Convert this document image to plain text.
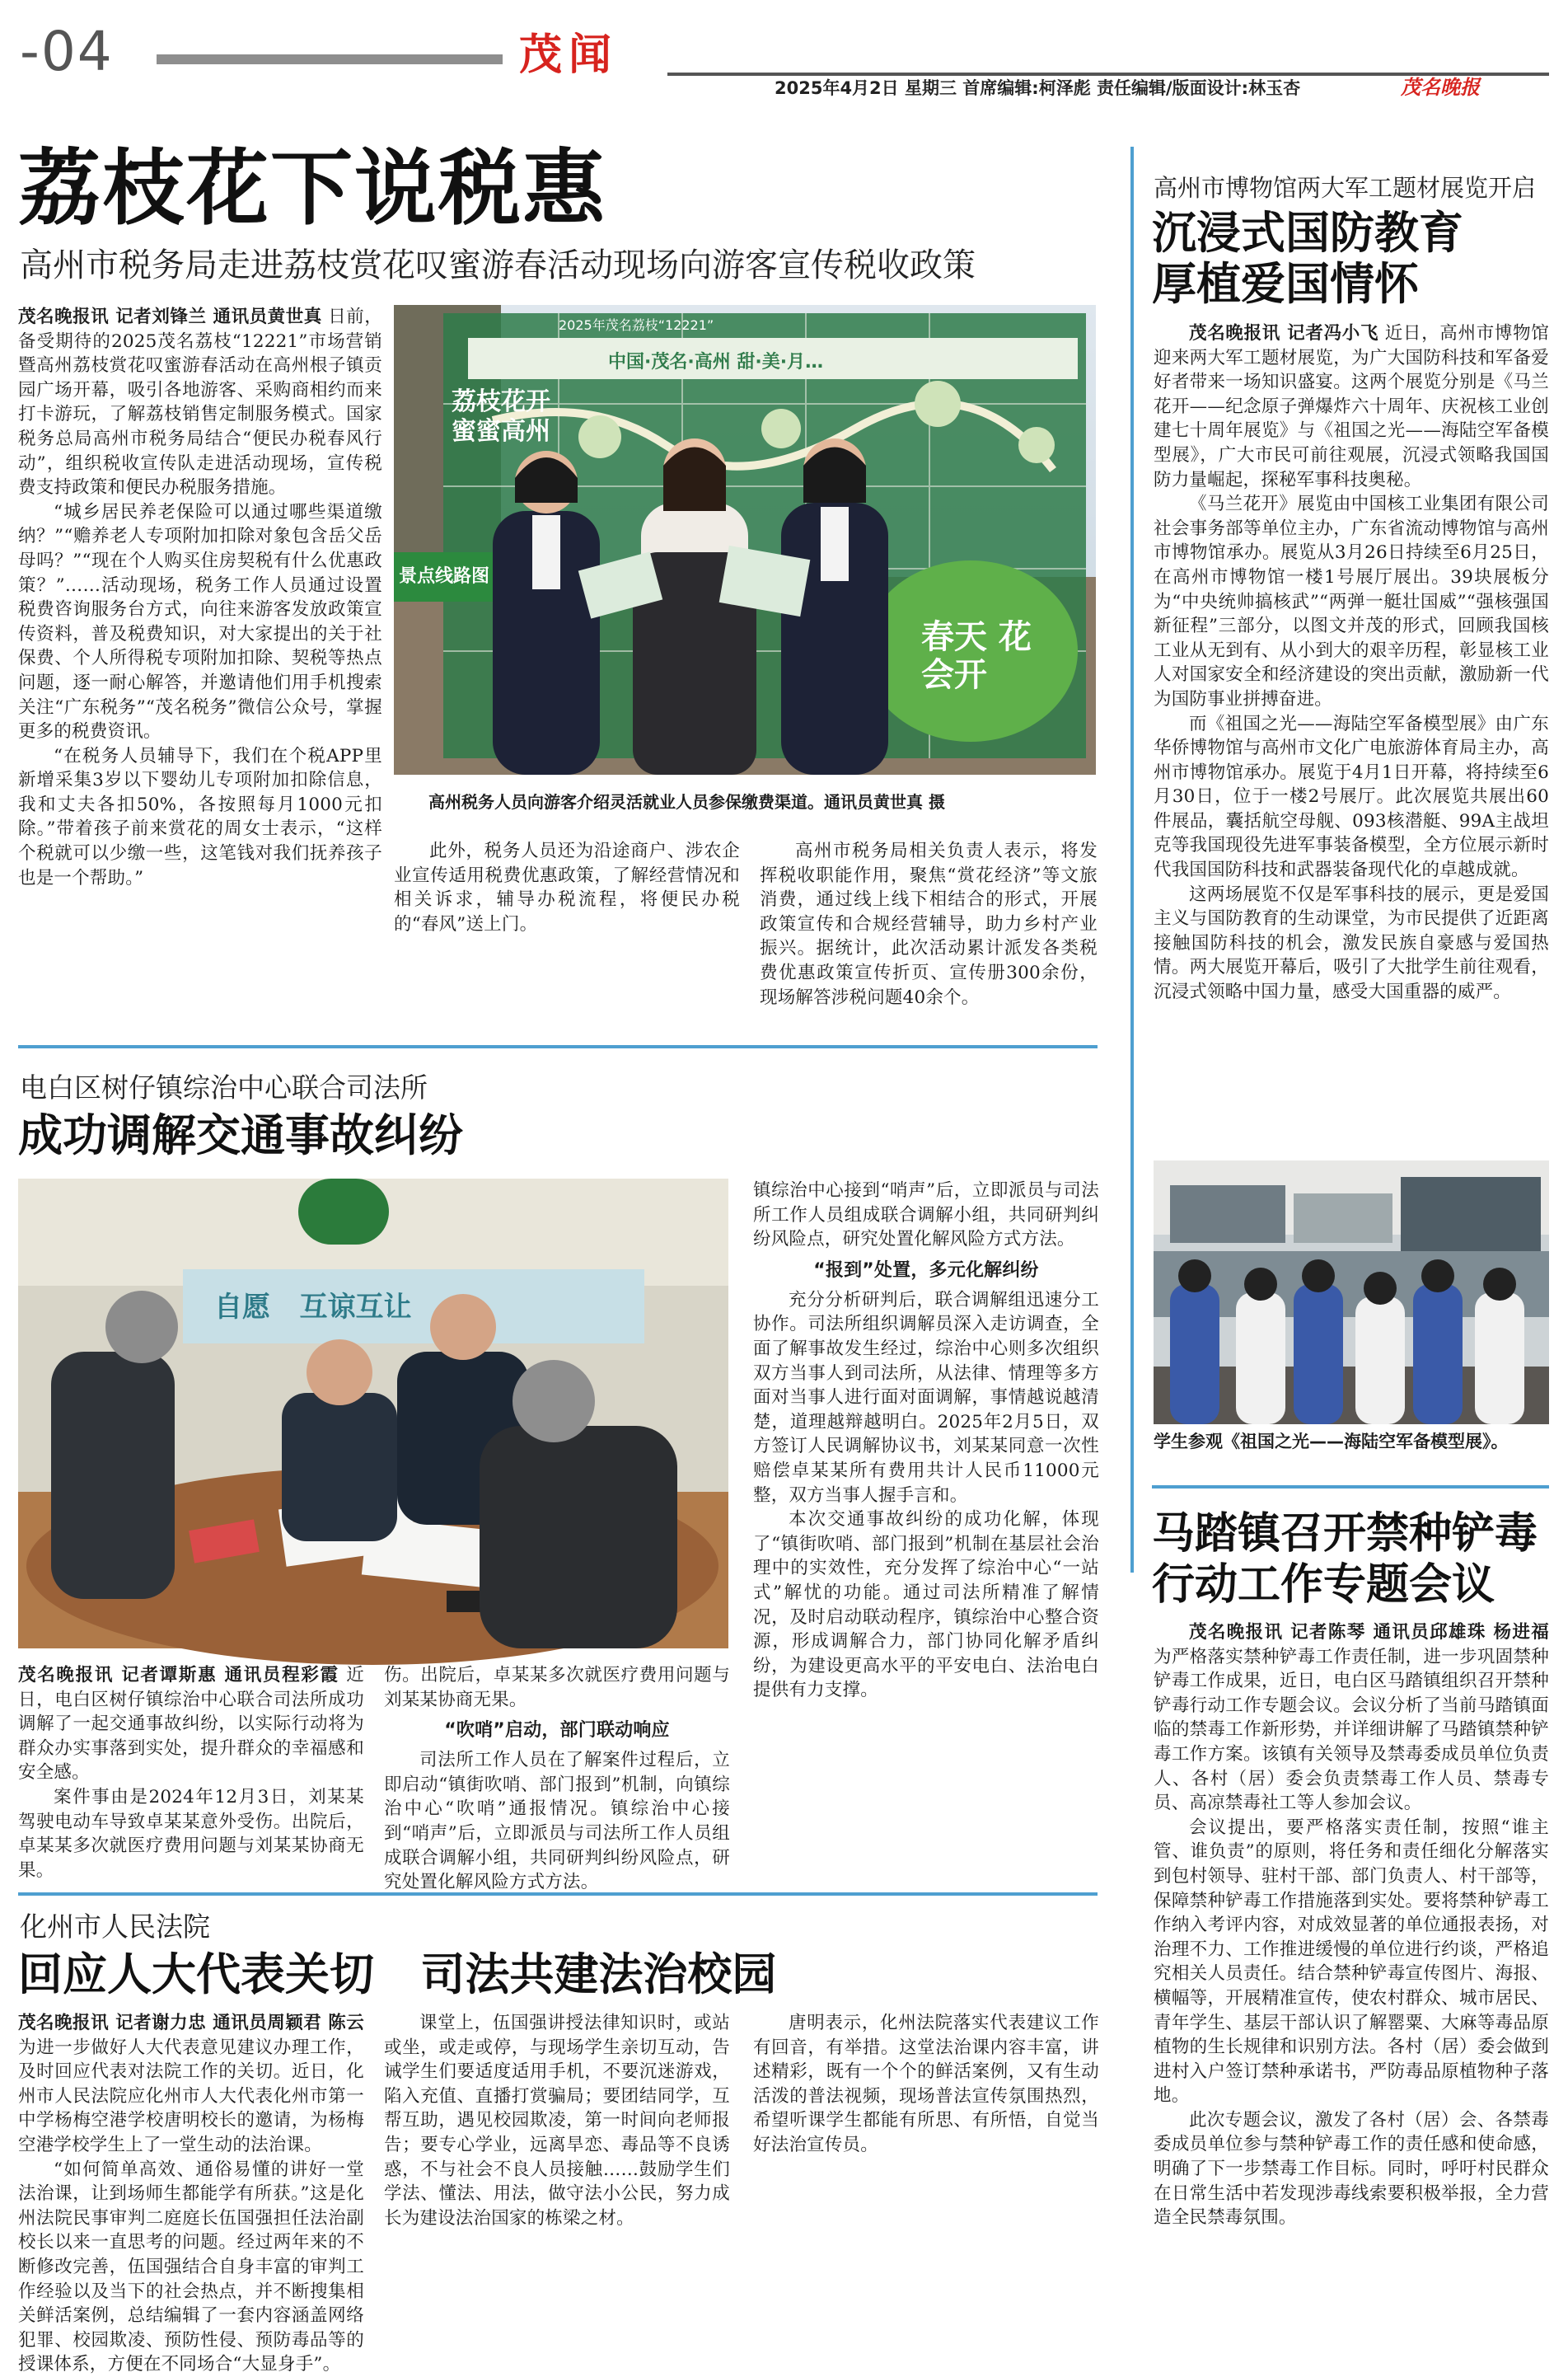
-04	茂闻
2025年4月2日 星期三 首席编辑:柯泽彪 责任编辑/版面设计:林玉杏	茂名晚报
荔枝花下说税惠
高州市税务局走进荔枝赏花叹蜜游春活动现场向游客宣传税收政策
景点线路图
2025年茂名荔枝“12221”
中国·茂名·高州 甜·美·月…
荔枝花开 蜜蜜高州
春天 花会开
高州税务人员向游客介绍灵活就业人员参保缴费渠道。通讯员黄世真 摄

茂名晚报讯 记者刘锋兰 通讯员黄世真 日前，备受期待的2025茂名荔枝“12221”市场营销暨高州荔枝赏花叹蜜游春活动在高州根子镇贡园广场开幕，吸引各地游客、采购商相约而来打卡游玩，了解荔枝销售定制服务模式。国家税务总局高州市税务局结合“便民办税春风行动”，组织税收宣传队走进活动现场，宣传税费支持政策和便民办税服务措施。

“城乡居民养老保险可以通过哪些渠道缴纳？”“赡养老人专项附加扣除对象包含岳父岳母吗？”“现在个人购买住房契税有什么优惠政策？”……活动现场，税务工作人员通过设置税费咨询服务台方式，向往来游客发放政策宣传资料，普及税费知识，对大家提出的关于社保费、个人所得税专项附加扣除、契税等热点问题，逐一耐心解答，并邀请他们用手机搜索关注“广东税务”“茂名税务”微信公众号，掌握更多的税费资讯。

“在税务人员辅导下，我们在个税APP里新增采集3岁以下婴幼儿专项附加扣除信息，我和丈夫各扣50%，各按照每月1000元扣除。”带着孩子前来赏花的周女士表示，“这样个税就可以少缴一些，这笔钱对我们抚养孩子也是一个帮助。”

此外，税务人员还为沿途商户、涉农企业宣传适用税费优惠政策，了解经营情况和相关诉求，辅导办税流程，将便民办税的“春风”送上门。

高州市税务局相关负责人表示，将发挥税收职能作用，聚焦“赏花经济”等文旅消费，通过线上线下相结合的形式，开展政策宣传和合规经营辅导，助力乡村产业振兴。据统计，此次活动累计派发各类税费优惠政策宣传折页、宣传册300余份，现场解答涉税问题40余个。

电白区树仔镇综治中心联合司法所
成功调解交通事故纠纷
自愿   互谅互让

茂名晚报讯 记者谭斯惠 通讯员程彩霞 近日，电白区树仔镇综治中心联合司法所成功调解了一起交通事故纠纷，以实际行动将为群众办实事落到实处，提升群众的幸福感和安全感。

案件事由是2024年12月3日，刘某某驾驶电动车导致卓某某意外受伤。出院后，卓某某多次就医疗费用问题与刘某某协商无果。

伤。出院后，卓某某多次就医疗费用问题与刘某某协商无果。

“吹哨”启动，部门联动响应

司法所工作人员在了解案件过程后，立即启动“镇街吹哨、部门报到”机制，向镇综治中心“吹哨”通报情况。镇综治中心接到“哨声”后，立即派员与司法所工作人员组成联合调解小组，共同研判纠纷风险点，研究处置化解风险方式方法。

镇综治中心接到“哨声”后，立即派员与司法所工作人员组成联合调解小组，共同研判纠纷风险点，研究处置化解风险方式方法。

“报到”处置，多元化解纠纷

充分分析研判后，联合调解组迅速分工协作。司法所组织调解员深入走访调查，全面了解事故发生经过，综治中心则多次组织双方当事人到司法所，从法律、情理等多方面对当事人进行面对面调解，事情越说越清楚，道理越辩越明白。2025年2月5日，双方签订人民调解协议书，刘某某同意一次性赔偿卓某某所有费用共计人民币11000元整，双方当事人握手言和。

本次交通事故纠纷的成功化解，体现了“镇街吹哨、部门报到”机制在基层社会治理中的实效性，充分发挥了综治中心“一站式”解忧的功能。通过司法所精准了解情况，及时启动联动程序，镇综治中心整合资源，形成调解合力，部门协同化解矛盾纠纷，为建设更高水平的平安电白、法治电白提供有力支撑。

化州市人民法院
回应人大代表关切   司法共建法治校园

茂名晚报讯 记者谢力忠 通讯员周颖君 陈云 为进一步做好人大代表意见建议办理工作，及时回应代表对法院工作的关切。近日，化州市人民法院应化州市人大代表化州市第一中学杨梅空港学校唐明校长的邀请，为杨梅空港学校学生上了一堂生动的法治课。

“如何简单高效、通俗易懂的讲好一堂法治课，让到场师生都能学有所获。”这是化州法院民事审判二庭庭长伍国强担任法治副校长以来一直思考的问题。经过两年来的不断修改完善，伍国强结合自身丰富的审判工作经验以及当下的社会热点，并不断搜集相关鲜活案例，总结编辑了一套内容涵盖网络犯罪、校园欺凌、预防性侵、预防毒品等的授课体系，方便在不同场合“大显身手”。

课堂上，伍国强讲授法律知识时，或站或坐，或走或停，与现场学生亲切互动，告诫学生们要适度适用手机，不要沉迷游戏，陷入充值、直播打赏骗局；要团结同学，互帮互助，遇见校园欺凌，第一时间向老师报告；要专心学业，远离旱恋、毒品等不良诱惑，不与社会不良人员接触……鼓励学生们学法、懂法、用法，做守法小公民，努力成长为建设法治国家的栋梁之材。

唐明表示，化州法院落实代表建议工作有回音，有举措。这堂法治课内容丰富，讲述精彩，既有一个个的鲜活案例，又有生动活泼的普法视频，现场普法宣传氛围热烈，希望听课学生都能有所思、有所悟，自觉当好法治宣传员。

高州市博物馆两大军工题材展览开启
沉浸式国防教育
厚植爱国情怀

茂名晚报讯 记者冯小飞 近日，高州市博物馆迎来两大军工题材展览，为广大国防科技和军备爱好者带来一场知识盛宴。这两个展览分别是《马兰花开——纪念原子弹爆炸六十周年、庆祝核工业创建七十周年展览》与《祖国之光——海陆空军备模型展》，广大市民可前往观展，沉浸式领略我国国防力量崛起，探秘军事科技奥秘。

《马兰花开》展览由中国核工业集团有限公司社会事务部等单位主办，广东省流动博物馆与高州市博物馆承办。展览从3月26日持续至6月25日，在高州市博物馆一楼1号展厅展出。39块展板分为“中央统帅搞核武”“两弹一艇壮国威”“强核强国新征程”三部分，以图文并茂的形式，回顾我国核工业从无到有、从小到大的艰辛历程，彰显核工业人对国家安全和经济建设的突出贡献，激励新一代为国防事业拼搏奋进。

而《祖国之光——海陆空军备模型展》由广东华侨博物馆与高州市文化广电旅游体育局主办，高州市博物馆承办。展览于4月1日开幕，将持续至6月30日，位于一楼2号展厅。此次展览共展出60件展品，囊括航空母舰、093核潜艇、99A主战坦克等我国现役先进军事装备模型，全方位展示新时代我国国防科技和武器装备现代化的卓越成就。

这两场展览不仅是军事科技的展示，更是爱国主义与国防教育的生动课堂，为市民提供了近距离接触国防科技的机会，激发民族自豪感与爱国热情。两大展览开幕后，吸引了大批学生前往观看，沉浸式领略中国力量，感受大国重器的威严。

学生参观《祖国之光——海陆空军备模型展》。
马踏镇召开禁种铲毒
行动工作专题会议

茂名晚报讯 记者陈琴 通讯员邱雄珠 杨进福 为严格落实禁种铲毒工作责任制，进一步巩固禁种铲毒工作成果，近日，电白区马踏镇组织召开禁种铲毒行动工作专题会议。会议分析了当前马踏镇面临的禁毒工作新形势，并详细讲解了马踏镇禁种铲毒工作方案。该镇有关领导及禁毒委成员单位负责人、各村（居）委会负责禁毒工作人员、禁毒专员、高凉禁毒社工等人参加会议。

会议提出，要严格落实责任制，按照“谁主管、谁负责”的原则，将任务和责任细化分解落实到包村领导、驻村干部、部门负责人、村干部等，保障禁种铲毒工作措施落到实处。要将禁种铲毒工作纳入考评内容，对成效显著的单位通报表扬，对治理不力、工作推进缓慢的单位进行约谈，严格追究相关人员责任。结合禁种铲毒宣传图片、海报、横幅等，开展精准宣传，使农村群众、城市居民、青年学生、基层干部认识了解罂粟、大麻等毒品原植物的生长规律和识别方法。各村（居）委会做到进村入户签订禁种承诺书，严防毒品原植物种子落地。

此次专题会议，激发了各村（居）会、各禁毒委成员单位参与禁种铲毒工作的责任感和使命感，明确了下一步禁毒工作目标。同时，呼吁村民群众在日常生活中若发现涉毒线索要积极举报，全力营造全民禁毒氛围。
